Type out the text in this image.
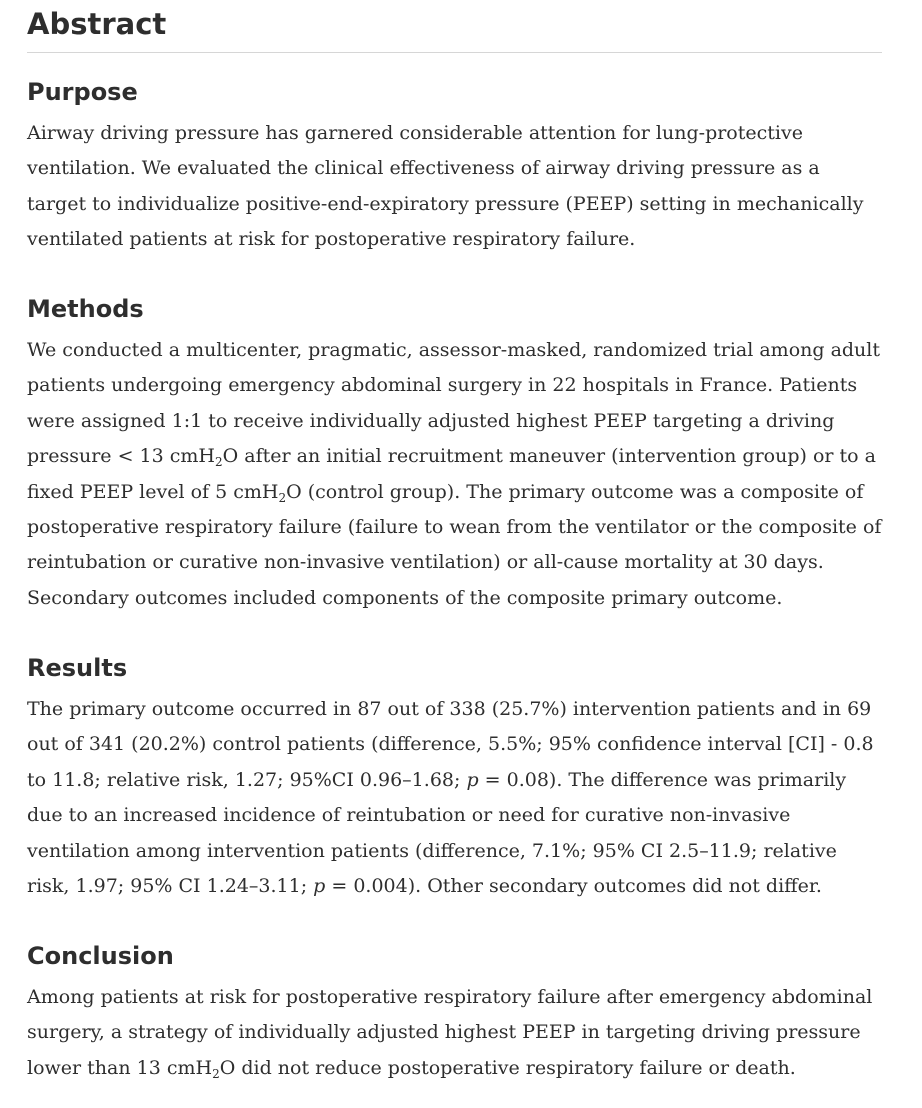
Abstract
Purpose

Airway driving pressure has garnered considerable attention for lung-protective ventilation. We evaluated the clinical effectiveness of airway driving pressure as a target to individualize positive-end-expiratory pressure (PEEP) setting in mechanically ventilated patients at risk for postoperative respiratory failure.

Methods

We conducted a multicenter, pragmatic, assessor-masked, randomized trial among adult patients undergoing emergency abdominal surgery in 22 hospitals in France. Patients were assigned 1:1 to receive individually adjusted highest PEEP targeting a driving pressure < 13 cmH$_2$O after an initial recruitment maneuver (intervention group) or to a fixed PEEP level of 5 cmH$_2$O (control group). The primary outcome was a composite of postoperative respiratory failure (failure to wean from the ventilator or the composite of reintubation or curative non-invasive ventilation) or all-cause mortality at 30 days. Secondary outcomes included components of the composite primary outcome.

Results

The primary outcome occurred in 87 out of 338 (25.7%) intervention patients and in 69 out of 341 (20.2%) control patients (difference, 5.5%; 95% confidence interval [CI] - 0.8 to 11.8; relative risk, 1.27; 95%CI 0.96–1.68; p = 0.08). The difference was primarily due to an increased incidence of reintubation or need for curative non-invasive ventilation among intervention patients (difference, 7.1%; 95% CI 2.5–11.9; relative risk, 1.97; 95% CI 1.24–3.11; p = 0.004). Other secondary outcomes did not differ.

Conclusion

Among patients at risk for postoperative respiratory failure after emergency abdominal surgery, a strategy of individually adjusted highest PEEP in targeting driving pressure lower than 13 cmH$_2$O did not reduce postoperative respiratory failure or death.
